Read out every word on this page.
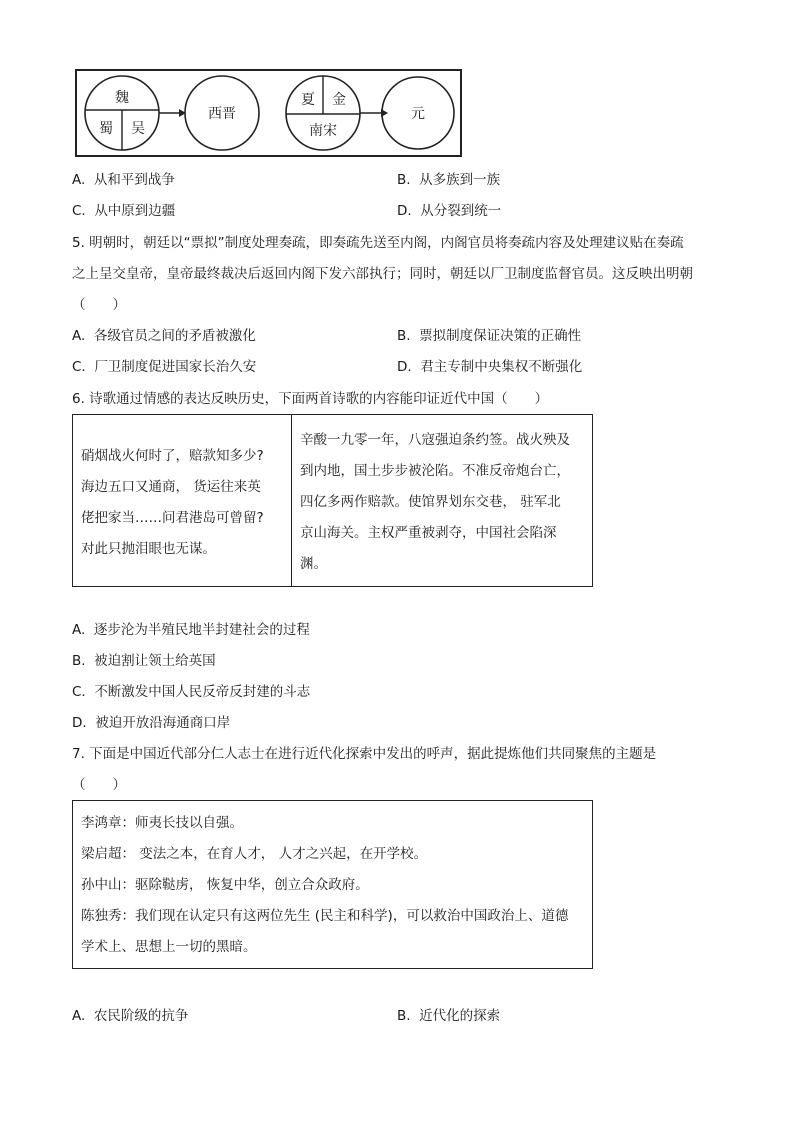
魏
蜀 吴
西晋
夏 金
南宋
元
A. 从和平到战争	B. 从多族到一族
C. 从中原到边疆	D. 从分裂到统一
5. 明朝时，朝廷以“票拟”制度处理奏疏，即奏疏先送至内阁，内阁官员将奏疏内容及处理建议贴在奏疏
之上呈交皇帝，皇帝最终裁决后返回内阁下发六部执行；同时，朝廷以厂卫制度监督官员。这反映出明朝
（　　）
A. 各级官员之间的矛盾被激化	B. 票拟制度保证决策的正确性
C. 厂卫制度促进国家长治久安	D. 君主专制中央集权不断强化
6. 诗歌通过情感的表达反映历史，下面两首诗歌的内容能印证近代中国（　　）
硝烟战火何时了，赔款知多少?
海边五口又通商， 货运往来英
佬把家当……问君港岛可曾留?
对此只抛泪眼也无谋。

辛酸一九零一年，八寇强迫条约签。战火殃及
到内地，国土步步被沦陷。不准反帝炮台亡，
四亿多两作赔款。使馆界划东交巷， 驻军北
京山海关。主权严重被剥夺，中国社会陷深
渊。
A. 逐步沦为半殖民地半封建社会的过程
B. 被迫割让领土给英国
C. 不断激发中国人民反帝反封建的斗志
D. 被迫开放沿海通商口岸
7. 下面是中国近代部分仁人志士在进行近代化探索中发出的呼声，据此提炼他们共同聚焦的主题是
（　　）
李鸿章：师夷长技以自强。
梁启超： 变法之本，在育人才， 人才之兴起，在开学校。
孙中山：驱除鞑虏， 恢复中华，创立合众政府。
陈独秀：我们现在认定只有这两位先生 (民主和科学)，可以救治中国政治上、道德
学术上、思想上一切的黑暗。
A. 农民阶级的抗争	B. 近代化的探索
